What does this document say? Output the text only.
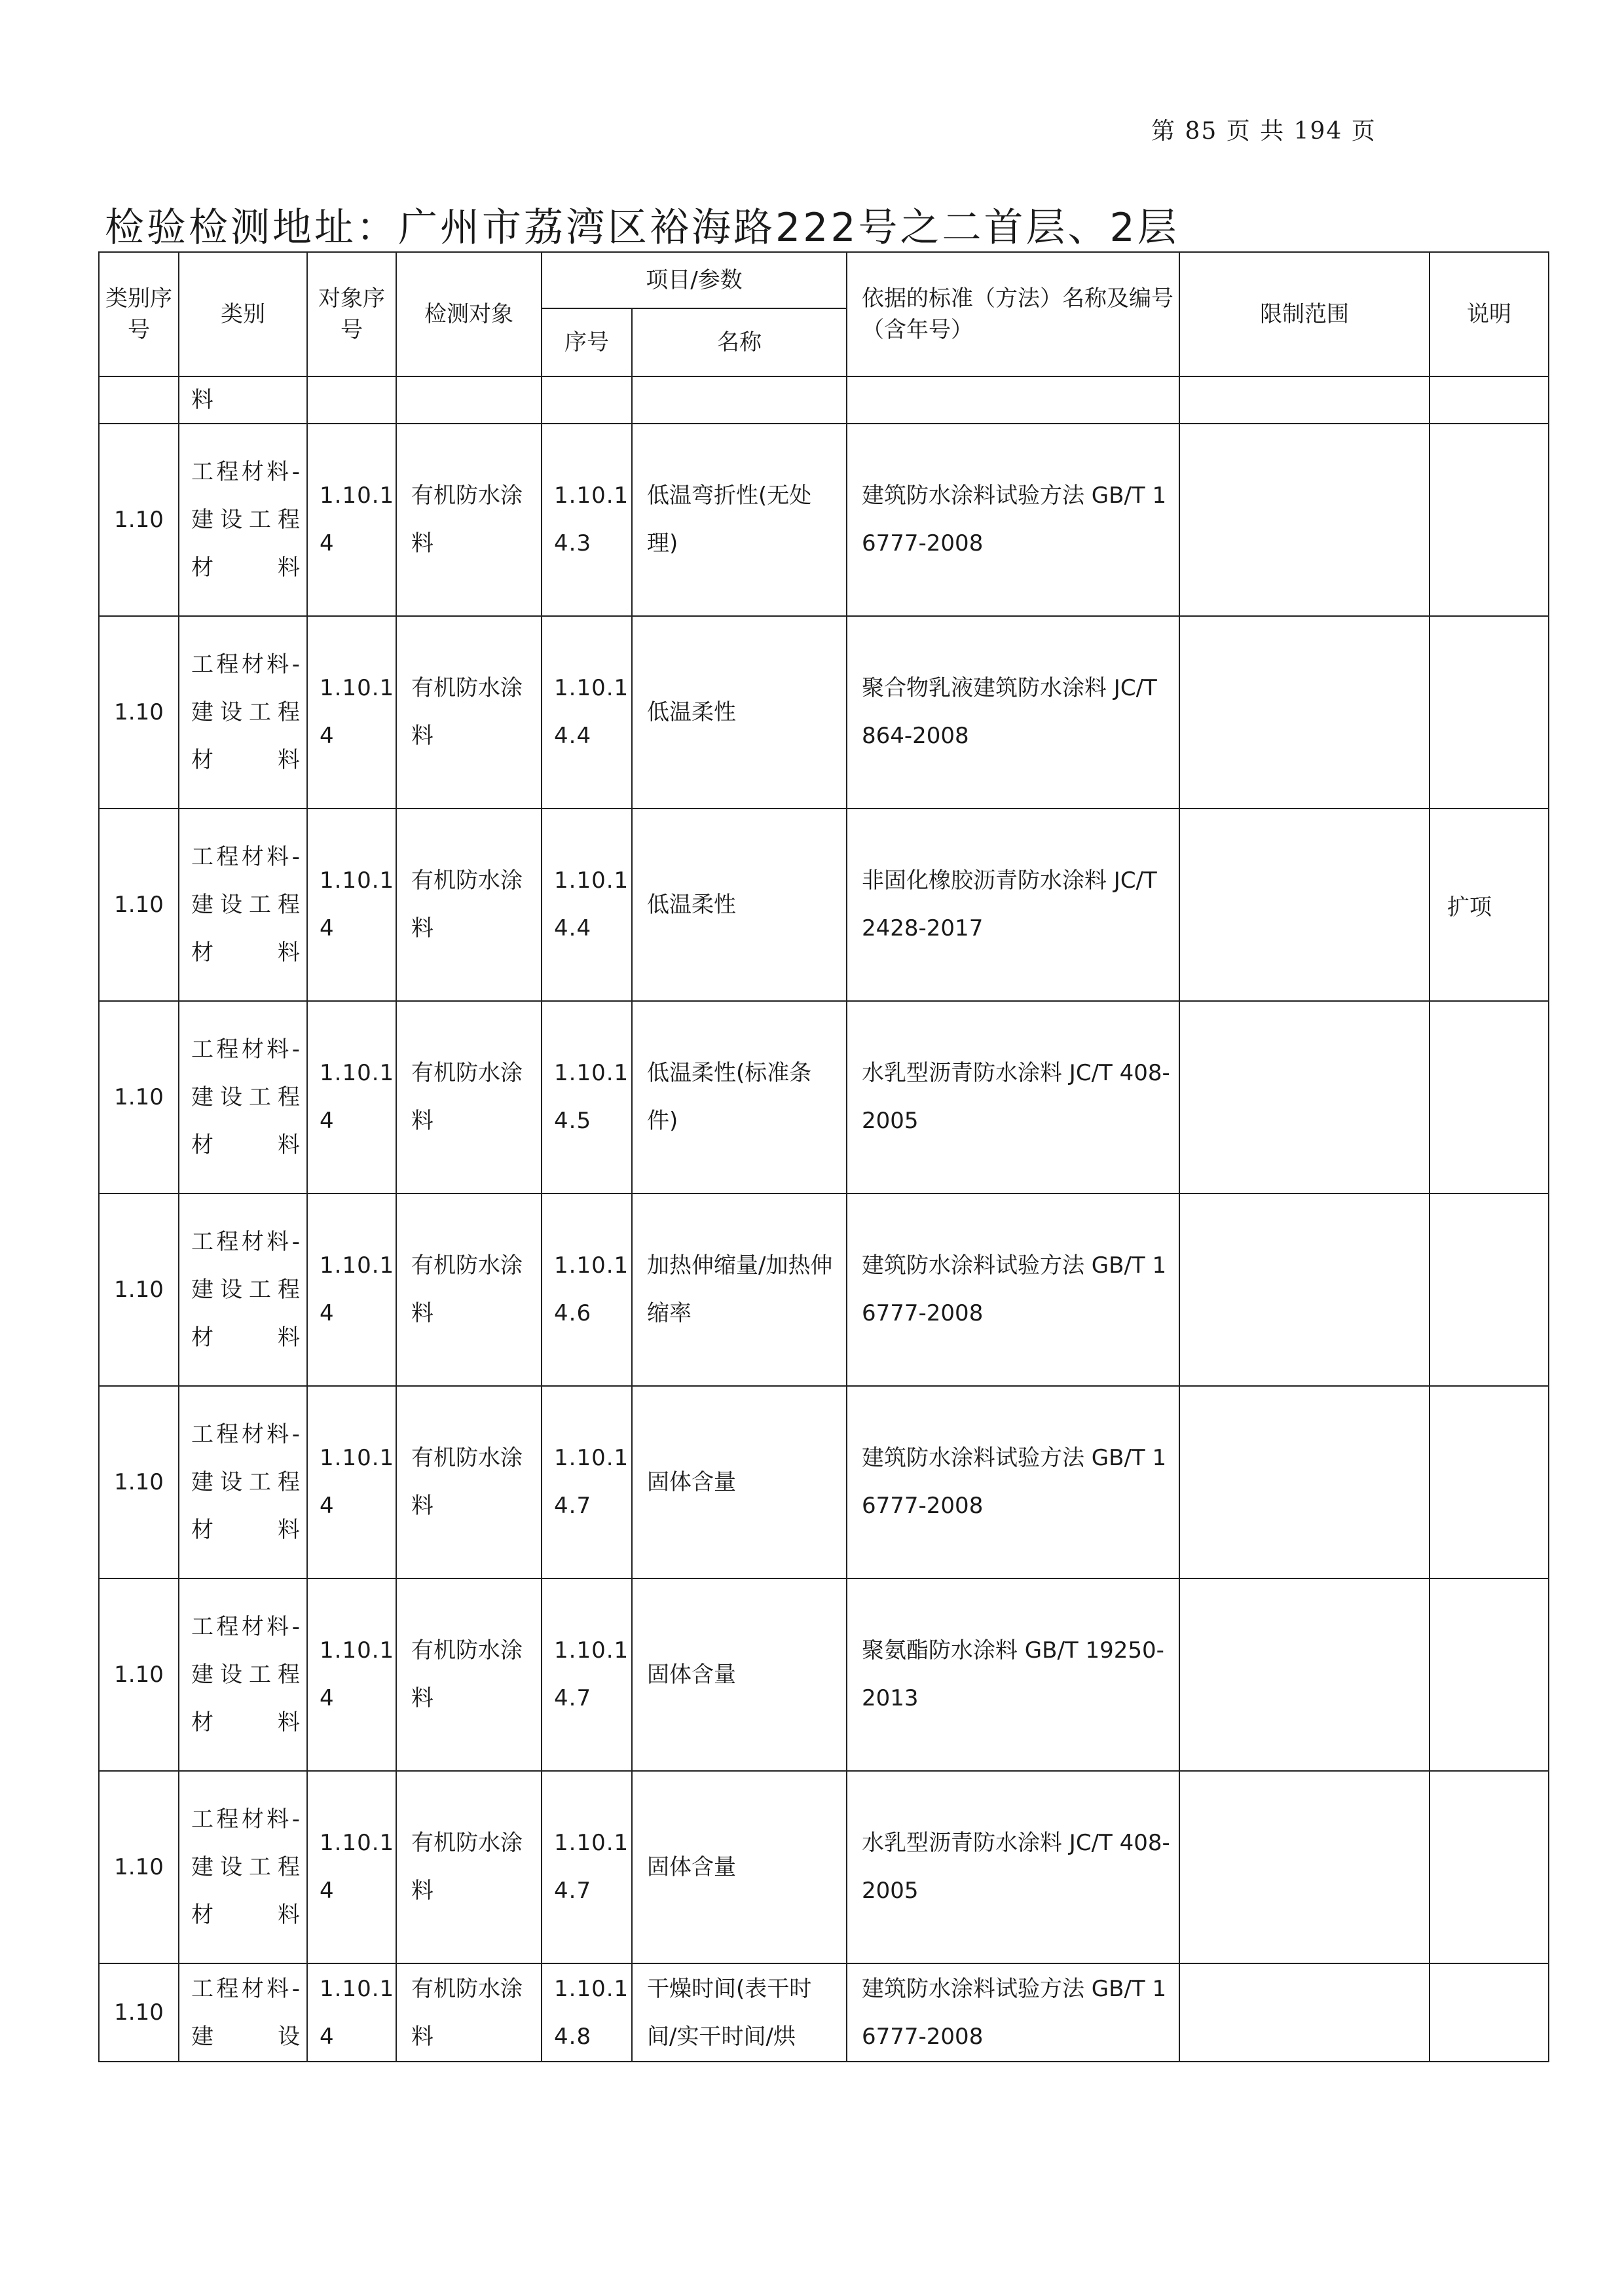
第 85 页 共 194 页
检验检测地址：广州市荔湾区裕海路222号之二首层、2层
类别序号	类别	对象序号	检测对象	项目/参数		依据的标准（方法）名称及编号（含年号）	限制范围	说明
				序号	名称			
	料							
1.10	工程材料-建设工程材料	1.10.14	有机防水涂料	1.10.14.3	低温弯折性(无处理)	建筑防水涂料试验方法 GB/T 16777-2008		
1.10	工程材料-建设工程材料	1.10.14	有机防水涂料	1.10.14.4	低温柔性	聚合物乳液建筑防水涂料 JC/T 864-2008		
1.10	工程材料-建设工程材料	1.10.14	有机防水涂料	1.10.14.4	低温柔性	非固化橡胶沥青防水涂料 JC/T 2428-2017		扩项
1.10	工程材料-建设工程材料	1.10.14	有机防水涂料	1.10.14.5	低温柔性(标准条件)	水乳型沥青防水涂料 JC/T 408-2005		
1.10	工程材料-建设工程材料	1.10.14	有机防水涂料	1.10.14.6	加热伸缩量/加热伸缩率	建筑防水涂料试验方法 GB/T 16777-2008		
1.10	工程材料-建设工程材料	1.10.14	有机防水涂料	1.10.14.7	固体含量	建筑防水涂料试验方法 GB/T 16777-2008		
1.10	工程材料-建设工程材料	1.10.14	有机防水涂料	1.10.14.7	固体含量	聚氨酯防水涂料 GB/T 19250-2013		
1.10	工程材料-建设工程材料	1.10.14	有机防水涂料	1.10.14.7	固体含量	水乳型沥青防水涂料 JC/T 408-2005		
1.10	工程材料-建设	1.10.14	有机防水涂料	1.10.14.8	干燥时间(表干时间/实干时间/烘	建筑防水涂料试验方法 GB/T 16777-2008		
